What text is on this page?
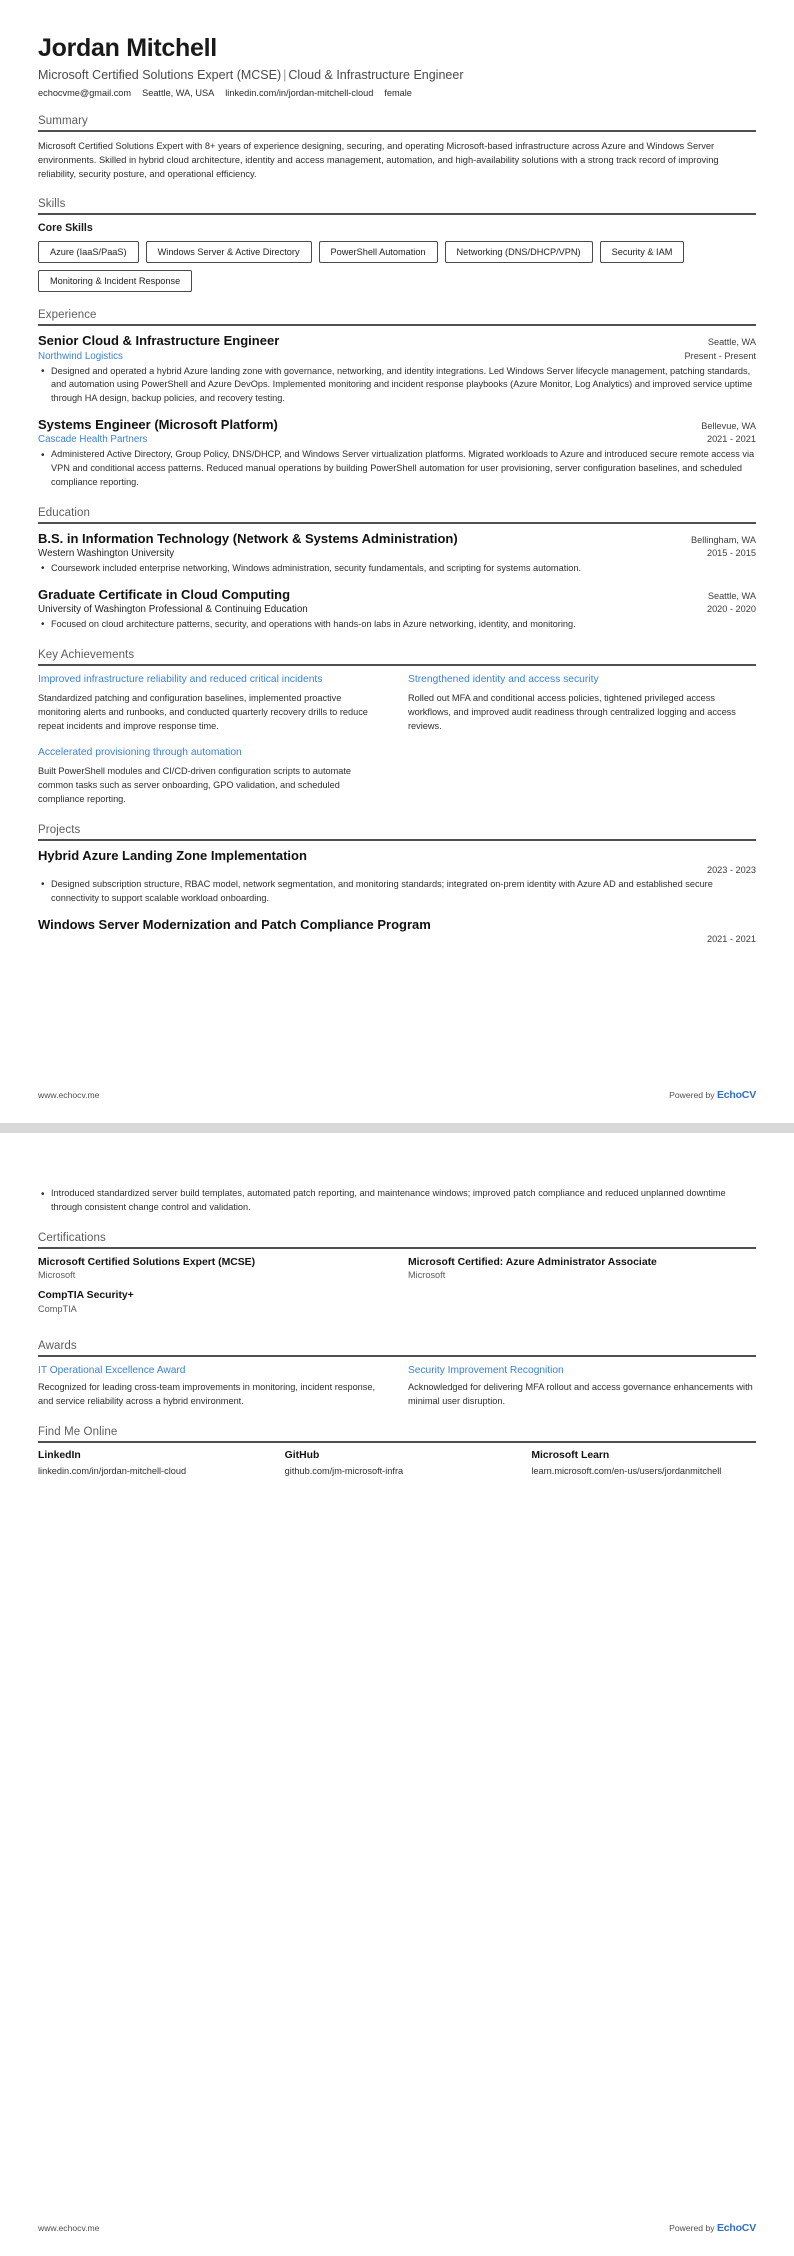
Jordan Mitchell
Microsoft Certified Solutions Expert (MCSE) | Cloud & Infrastructure Engineer
echocvme@gmail.com Seattle, WA, USA linkedin.com/in/jordan-mitchell-cloud female
Summary
Microsoft Certified Solutions Expert with 8+ years of experience designing, securing, and operating Microsoft-based infrastructure across Azure and Windows Server environments. Skilled in hybrid cloud architecture, identity and access management, automation, and high-availability solutions with a strong track record of improving reliability, security posture, and operational efficiency.
Skills
Core Skills
Azure (IaaS/PaaS)	Windows Server & Active Directory	PowerShell Automation	Networking (DNS/DHCP/VPN)	Security & IAM
Monitoring & Incident Response
Experience
Senior Cloud & Infrastructure Engineer	Seattle, WA
Northwind Logistics	Present - Present
• Designed and operated a hybrid Azure landing zone with governance, networking, and identity integrations. Led Windows Server lifecycle management, patching standards, and automation using PowerShell and Azure DevOps. Implemented monitoring and incident response playbooks (Azure Monitor, Log Analytics) and improved service uptime through HA design, backup policies, and recovery testing.
Systems Engineer (Microsoft Platform)	Bellevue, WA
Cascade Health Partners	2021 - 2021
• Administered Active Directory, Group Policy, DNS/DHCP, and Windows Server virtualization platforms. Migrated workloads to Azure and introduced secure remote access via VPN and conditional access patterns. Reduced manual operations by building PowerShell automation for user provisioning, server configuration baselines, and scheduled compliance reporting.
Education
B.S. in Information Technology (Network & Systems Administration)	Bellingham, WA
Western Washington University	2015 - 2015
• Coursework included enterprise networking, Windows administration, security fundamentals, and scripting for systems automation.
Graduate Certificate in Cloud Computing	Seattle, WA
University of Washington Professional & Continuing Education	2020 - 2020
• Focused on cloud architecture patterns, security, and operations with hands-on labs in Azure networking, identity, and monitoring.
Key Achievements
Improved infrastructure reliability and reduced critical incidents
Standardized patching and configuration baselines, implemented proactive monitoring alerts and runbooks, and conducted quarterly recovery drills to reduce repeat incidents and improve response time.
Accelerated provisioning through automation
Built PowerShell modules and CI/CD-driven configuration scripts to automate common tasks such as server onboarding, GPO validation, and scheduled compliance reporting.
Strengthened identity and access security
Rolled out MFA and conditional access policies, tightened privileged access workflows, and improved audit readiness through centralized logging and access reviews.
Projects
Hybrid Azure Landing Zone Implementation
2023 - 2023
• Designed subscription structure, RBAC model, network segmentation, and monitoring standards; integrated on-prem identity with Azure AD and established secure connectivity to support scalable workload onboarding.
Windows Server Modernization and Patch Compliance Program
2021 - 2021
www.echocv.me	Powered by EchoCV
• Introduced standardized server build templates, automated patch reporting, and maintenance windows; improved patch compliance and reduced unplanned downtime through consistent change control and validation.
Certifications
Microsoft Certified Solutions Expert (MCSE)
Microsoft
CompTIA Security+
CompTIA
Microsoft Certified: Azure Administrator Associate
Microsoft
Awards
IT Operational Excellence Award
Recognized for leading cross-team improvements in monitoring, incident response, and service reliability across a hybrid environment.
Security Improvement Recognition
Acknowledged for delivering MFA rollout and access governance enhancements with minimal user disruption.
Find Me Online
LinkedIn
linkedin.com/in/jordan-mitchell-cloud
GitHub
github.com/jm-microsoft-infra
Microsoft Learn
learn.microsoft.com/en-us/users/jordanmitchell
www.echocv.me	Powered by EchoCV
